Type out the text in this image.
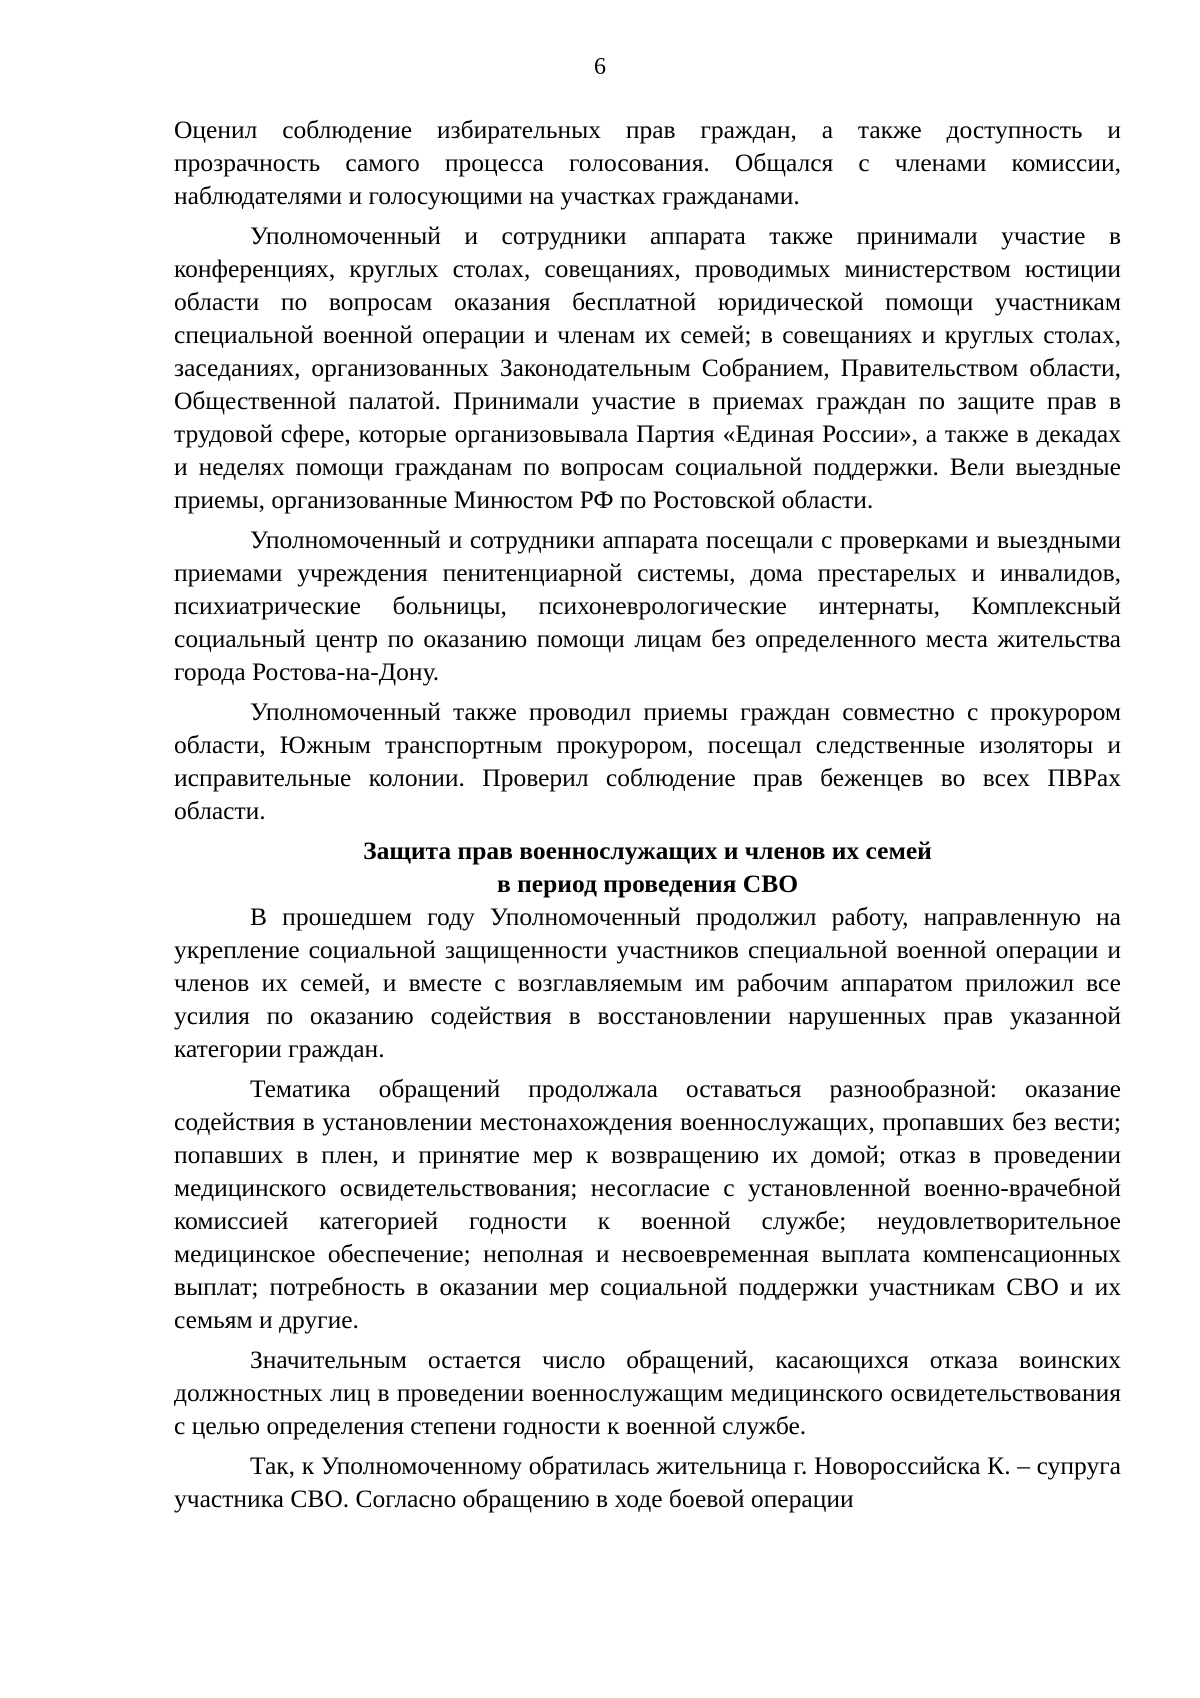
6

Оценил соблюдение избирательных прав граждан, а также доступность и прозрачность самого процесса голосования. Общался с членами комиссии, наблюдателями и голосующими на участках гражданами.

Уполномоченный и сотрудники аппарата также принимали участие в конференциях, круглых столах, совещаниях, проводимых министерством юстиции области по вопросам оказания бесплатной юридической помощи участникам специальной военной операции и членам их семей; в совещаниях и круглых столах, заседаниях, организованных Законодательным Собранием, Правительством области, Общественной палатой. Принимали участие в приемах граждан по защите прав в трудовой сфере, которые организовывала Партия «Единая России», а также в декадах и неделях помощи гражданам по вопросам социальной поддержки. Вели выездные приемы, организованные Минюстом РФ по Ростовской области.

Уполномоченный и сотрудники аппарата посещали с проверками и выездными приемами учреждения пенитенциарной системы, дома престарелых и инвалидов, психиатрические больницы, психоневрологические интернаты, Комплексный социальный центр по оказанию помощи лицам без определенного места жительства города Ростова-на-Дону.

Уполномоченный также проводил приемы граждан совместно с прокурором области, Южным транспортным прокурором, посещал следственные изоляторы и исправительные колонии. Проверил соблюдение прав беженцев во всех ПВРах области.

Защита прав военнослужащих и членов их семей
в период проведения СВО

В прошедшем году Уполномоченный продолжил работу, направленную на укрепление социальной защищенности участников специальной военной операции и членов их семей, и вместе с возглавляемым им рабочим аппаратом приложил все усилия по оказанию содействия в восстановлении нарушенных прав указанной категории граждан.

Тематика обращений продолжала оставаться разнообразной: оказание содействия в установлении местонахождения военнослужащих, пропавших без вести; попавших в плен, и принятие мер к возвращению их домой; отказ в проведении медицинского освидетельствования; несогласие с установленной военно-врачебной комиссией категорией годности к военной службе; неудовлетворительное медицинское обеспечение; неполная и несвоевременная выплата компенсационных выплат; потребность в оказании мер социальной поддержки участникам СВО и их семьям и другие.

Значительным остается число обращений, касающихся отказа воинских должностных лиц в проведении военнослужащим медицинского освидетельствования с целью определения степени годности к военной службе.

Так, к Уполномоченному обратилась жительница г. Новороссийска К. – супруга участника СВО. Согласно обращению в ходе боевой операции
